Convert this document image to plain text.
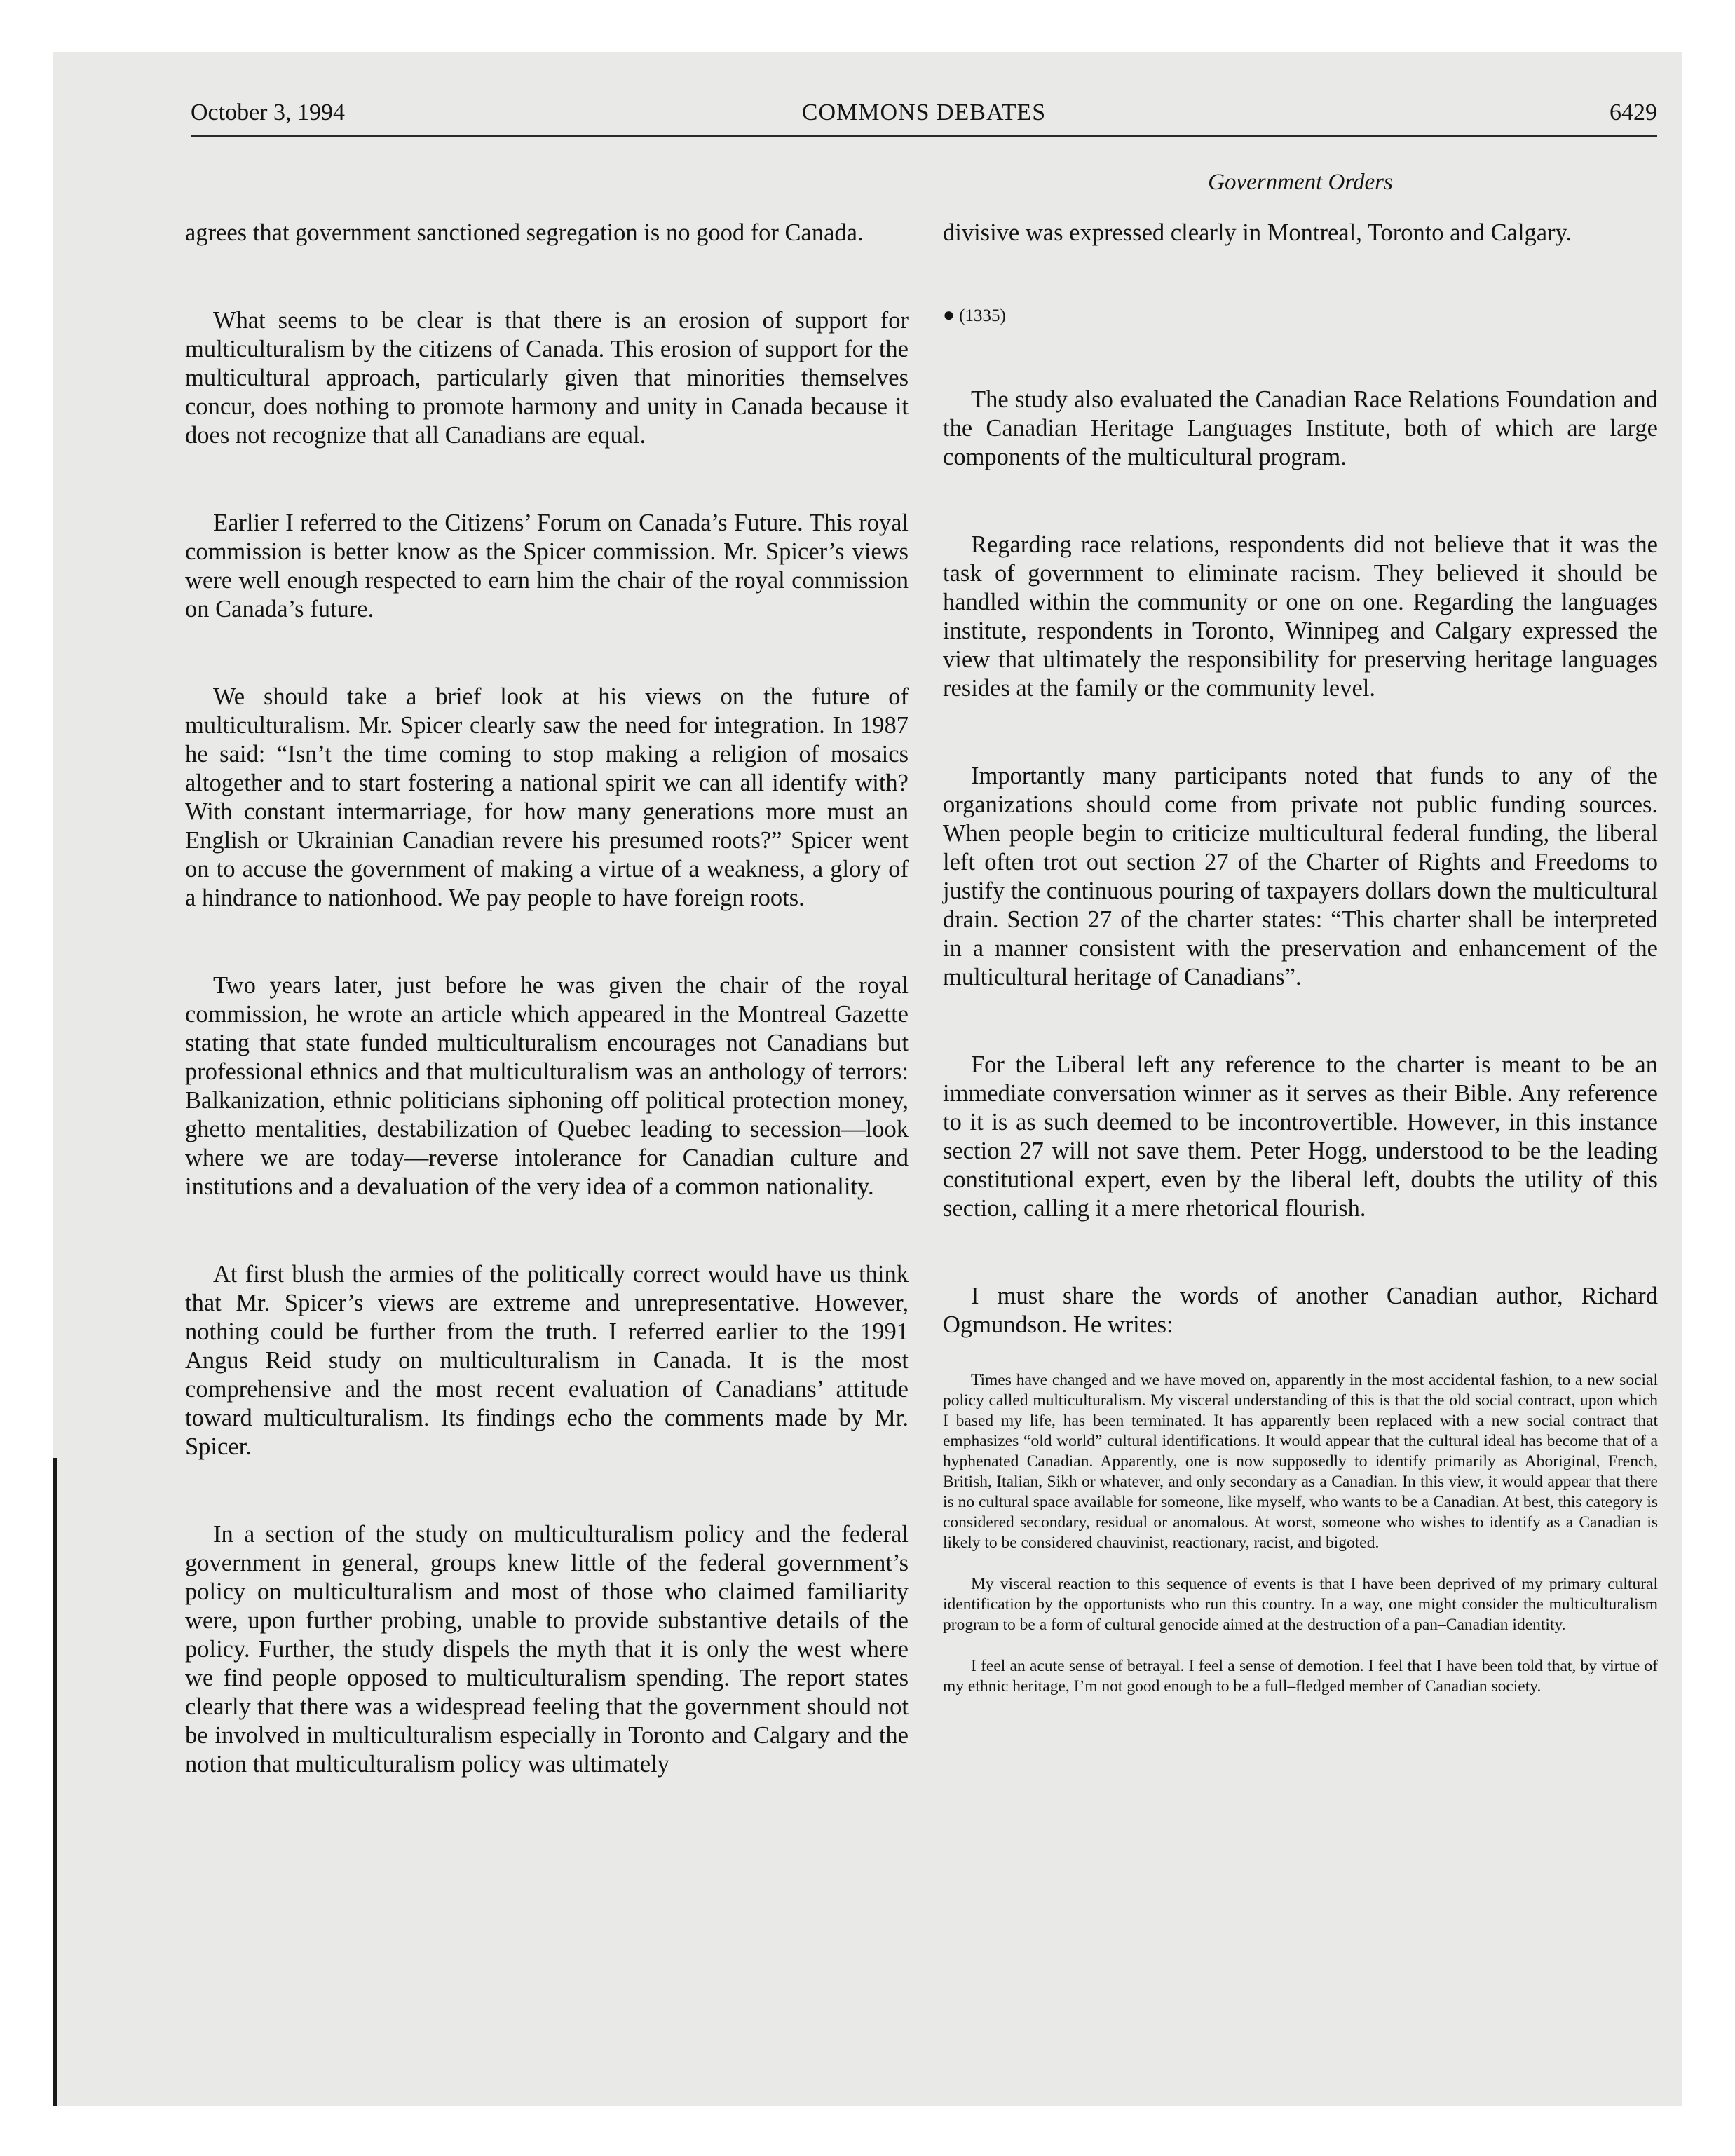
October 3, 1994	COMMONS DEBATES	6429
Government Orders

agrees that government sanctioned segregation is no good for Canada.

What seems to be clear is that there is an erosion of support for multiculturalism by the citizens of Canada. This erosion of support for the multicultural approach, particularly given that minorities themselves concur, does nothing to promote harmony and unity in Canada because it does not recognize that all Canadians are equal.

Earlier I referred to the Citizens’ Forum on Canada’s Future. This royal commission is better know as the Spicer commission. Mr. Spicer’s views were well enough respected to earn him the chair of the royal commission on Canada’s future.

We should take a brief look at his views on the future of multiculturalism. Mr. Spicer clearly saw the need for integration. In 1987 he said: “Isn’t the time coming to stop making a religion of mosaics altogether and to start fostering a national spirit we can all identify with? With constant intermarriage, for how many generations more must an English or Ukrainian Canadian revere his presumed roots?” Spicer went on to accuse the government of making a virtue of a weakness, a glory of a hindrance to nationhood. We pay people to have foreign roots.

Two years later, just before he was given the chair of the royal commission, he wrote an article which appeared in the Montreal Gazette stating that state funded multiculturalism encourages not Canadians but professional ethnics and that multiculturalism was an anthology of terrors: Balkanization, ethnic politicians siphoning off political protection money, ghetto mentalities, destabilization of Quebec leading to secession—look where we are today—reverse intolerance for Canadian culture and institutions and a devaluation of the very idea of a common nationality.

At first blush the armies of the politically correct would have us think that Mr. Spicer’s views are extreme and unrepresentative. However, nothing could be further from the truth. I referred earlier to the 1991 Angus Reid study on multiculturalism in Canada. It is the most comprehensive and the most recent evaluation of Canadians’ attitude toward multiculturalism. Its findings echo the comments made by Mr. Spicer.

In a section of the study on multiculturalism policy and the federal government in general, groups knew little of the federal government’s policy on multiculturalism and most of those who claimed familiarity were, upon further probing, unable to provide substantive details of the policy. Further, the study dispels the myth that it is only the west where we find people opposed to multiculturalism spending. The report states clearly that there was a widespread feeling that the government should not be involved in multiculturalism especially in Toronto and Calgary and the notion that multiculturalism policy was ultimately

divisive was expressed clearly in Montreal, Toronto and Calgary.

● (1335)

The study also evaluated the Canadian Race Relations Foundation and the Canadian Heritage Languages Institute, both of which are large components of the multicultural program.

Regarding race relations, respondents did not believe that it was the task of government to eliminate racism. They believed it should be handled within the community or one on one. Regarding the languages institute, respondents in Toronto, Winnipeg and Calgary expressed the view that ultimately the responsibility for preserving heritage languages resides at the family or the community level.

Importantly many participants noted that funds to any of the organizations should come from private not public funding sources. When people begin to criticize multicultural federal funding, the liberal left often trot out section 27 of the Charter of Rights and Freedoms to justify the continuous pouring of taxpayers dollars down the multicultural drain. Section 27 of the charter states: “This charter shall be interpreted in a manner consistent with the preservation and enhancement of the multicultural heritage of Canadians”.

For the Liberal left any reference to the charter is meant to be an immediate conversation winner as it serves as their Bible. Any reference to it is as such deemed to be incontrovertible. However, in this instance section 27 will not save them. Peter Hogg, understood to be the leading constitutional expert, even by the liberal left, doubts the utility of this section, calling it a mere rhetorical flourish.

I must share the words of another Canadian author, Richard Ogmundson. He writes:

Times have changed and we have moved on, apparently in the most accidental fashion, to a new social policy called multiculturalism. My visceral understanding of this is that the old social contract, upon which I based my life, has been terminated. It has apparently been replaced with a new social contract that emphasizes “old world” cultural identifications. It would appear that the cultural ideal has become that of a hyphenated Canadian. Apparently, one is now supposedly to identify primarily as Aboriginal, French, British, Italian, Sikh or whatever, and only secondary as a Canadian. In this view, it would appear that there is no cultural space available for someone, like myself, who wants to be a Canadian. At best, this category is considered secondary, residual or anomalous. At worst, someone who wishes to identify as a Canadian is likely to be considered chauvinist, reactionary, racist, and bigoted.

My visceral reaction to this sequence of events is that I have been deprived of my primary cultural identification by the opportunists who run this country. In a way, one might consider the multiculturalism program to be a form of cultural genocide aimed at the destruction of a pan–Canadian identity.

I feel an acute sense of betrayal. I feel a sense of demotion. I feel that I have been told that, by virtue of my ethnic heritage, I’m not good enough to be a full–fledged member of Canadian society.
